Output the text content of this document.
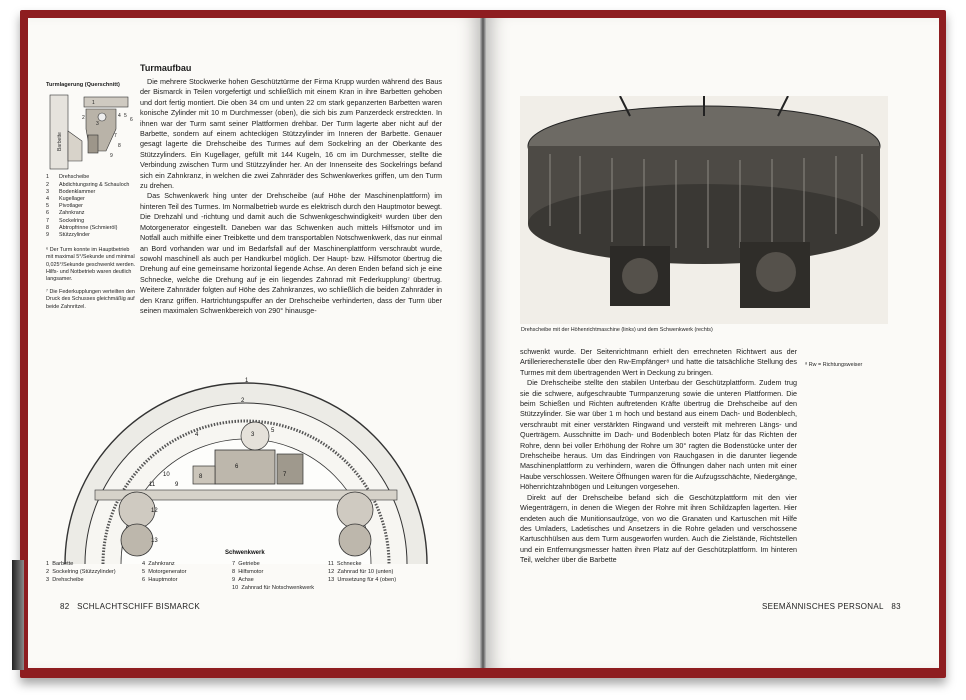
Turmaufbau
Turmlagerung (Querschnitt)
Barbette
1
2
3
4 5
6
7
8
9
1	Drehscheibe
2	Abdichtungsring & Schauloch
3	Bodenklammer
4	Kugellager
5	Pivotlager
6	Zahnkranz
7	Sockelring
8	Abtropfrinne (Schmieröl)
9	Stützzylinder

⁶ Der Turm konnte im Hauptbetrieb mit maximal 5°/Sekunde und minimal 0,025°/Sekunde geschwenkt werden. Hilfs- und Notbetrieb waren deutlich langsamer.

⁷ Die Federkupplungen verteilten den Druck des Schusses gleichmäßig auf beide Zahnritzel.

Die mehrere Stockwerke hohen Geschütztürme der Firma Krupp wurden während des Baus der Bismarck in Teilen vorgefertigt und schließlich mit einem Kran in ihre Barbetten gehoben und dort fertig montiert. Die oben 34 cm und unten 22 cm stark gepanzerten Barbetten waren konische Zylinder mit 10 m Durchmesser (oben), die sich bis zum Panzerdeck erstreckten. In ihnen war der Turm samt seiner Plattformen drehbar. Der Turm lagerte aber nicht auf der Barbette, sondern auf einem achteckigen Stützzylinder im Inneren der Barbette. Genauer gesagt lagerte die Drehscheibe des Turmes auf dem Sockelring an der Oberkante des Stützzylinders. Ein Kugellager, gefüllt mit 144 Kugeln, 16 cm im Durchmesser, stellte die Verbindung zwischen Turm und Stützzylinder her. An der Innenseite des Sockelrings befand sich ein Zahnkranz, in welchen die zwei Zahnräder des Schwenkwerkes griffen, um den Turm zu drehen.

Das Schwenkwerk hing unter der Drehscheibe (auf Höhe der Maschinenplattform) im hinteren Teil des Turmes. Im Normalbetrieb wurde es elektrisch durch den Hauptmotor bewegt. Die Drehzahl und -richtung und damit auch die Schwenkgeschwindigkeit⁶ wurden über den Motorgenerator eingestellt. Daneben war das Schwenken auch mittels Hilfsmotor und im Notfall auch mithilfe einer Treibkette und dem transportablen Notschwenkwerk, das nur einmal an Bord vorhanden war und im Bedarfsfall auf der Maschinenplattform verschraubt wurde, sowohl maschinell als auch per Handkurbel möglich. Der Haupt- bzw. Hilfsmotor übertrug die Drehung auf eine gemeinsame horizontal liegende Achse. An deren Enden befand sich je eine Schnecke, welche die Drehung auf je ein liegendes Zahnrad mit Federkupplung⁷ übertrug. Weitere Zahnräder folgten auf Höhe des Zahnkranzes, wo schließlich die beiden Zahnräder in den Kranz griffen. Hartrichtungspuffer an der Drehscheibe verhinderten, dass der Turm über seinen maximalen Schwenkbereich von 290° hinausge-

1
2
3
4
5
6
7
8
9
10
11
12
13
Schwenkwerk
1 Barbette
2 Sockelring (Stützzylinder)
3 Drehscheibe
4 Zahnkranz
5 Motorgenerator
6 Hauptmotor
7 Getriebe
8 Hilfsmotor
9 Achse
10 Zahnrad für Notschwenkwerk
11 Schnecke
12 Zahnrad für 10 (unten)
13 Umsetzung für 4 (oben)
82 SCHLACHTSCHIFF BISMARCK
Drehscheibe mit der Höhenrichtmaschine (links) und dem Schwenkwerk (rechts)

schwenkt wurde. Der Seitenrichtmann erhielt den errechneten Richtwert aus der Artillerierechenstelle über den Rw-Empfänger⁸ und hatte die tatsächliche Stellung des Turmes mit dem übertragenden Wert in Deckung zu bringen.

Die Drehscheibe stellte den stabilen Unterbau der Geschützplattform. Zudem trug sie die schwere, aufgeschraubte Turmpanzerung sowie die unteren Plattformen. Die beim Schießen und Richten auftretenden Kräfte übertrug die Drehscheibe auf den Stützzylinder. Sie war über 1 m hoch und bestand aus einem Dach- und Bodenblech, verschraubt mit einer verstärkten Ringwand und versteift mit mehreren Längs- und Querträgern. Ausschnitte im Dach- und Bodenblech boten Platz für das Richten der Rohre, denn bei voller Erhöhung der Rohre um 30° ragten die Bodenstücke unter der Drehscheibe heraus. Um das Eindringen von Rauchgasen in die darunter liegende Maschinenplattform zu verhindern, waren die Öffnungen daher nach unten mit einer Haube verschlossen. Weitere Öffnungen waren für die Aufzugsschächte, Niedergänge, Höhenrichtzahnbögen und Leitungen vorgesehen.

Direkt auf der Drehscheibe befand sich die Geschützplattform mit den vier Wiegenträgern, in denen die Wiegen der Rohre mit ihren Schildzapfen lagerten. Hier endeten auch die Munitionsaufzüge, von wo die Granaten und Kartuschen mit Hilfe des Umladers, Ladetisches und Ansetzers in die Rohre geladen und verschossene Kartuschhülsen aus dem Turm ausgeworfen wurden. Auch die Zielstände, Richtstellen und ein Entfernungsmesser hatten ihren Platz auf der Geschützplattform. Im hinteren Teil, welcher über die Barbette

⁸ Rw = Richtungsweiser
SEEMÄNNISCHES PERSONAL 83
